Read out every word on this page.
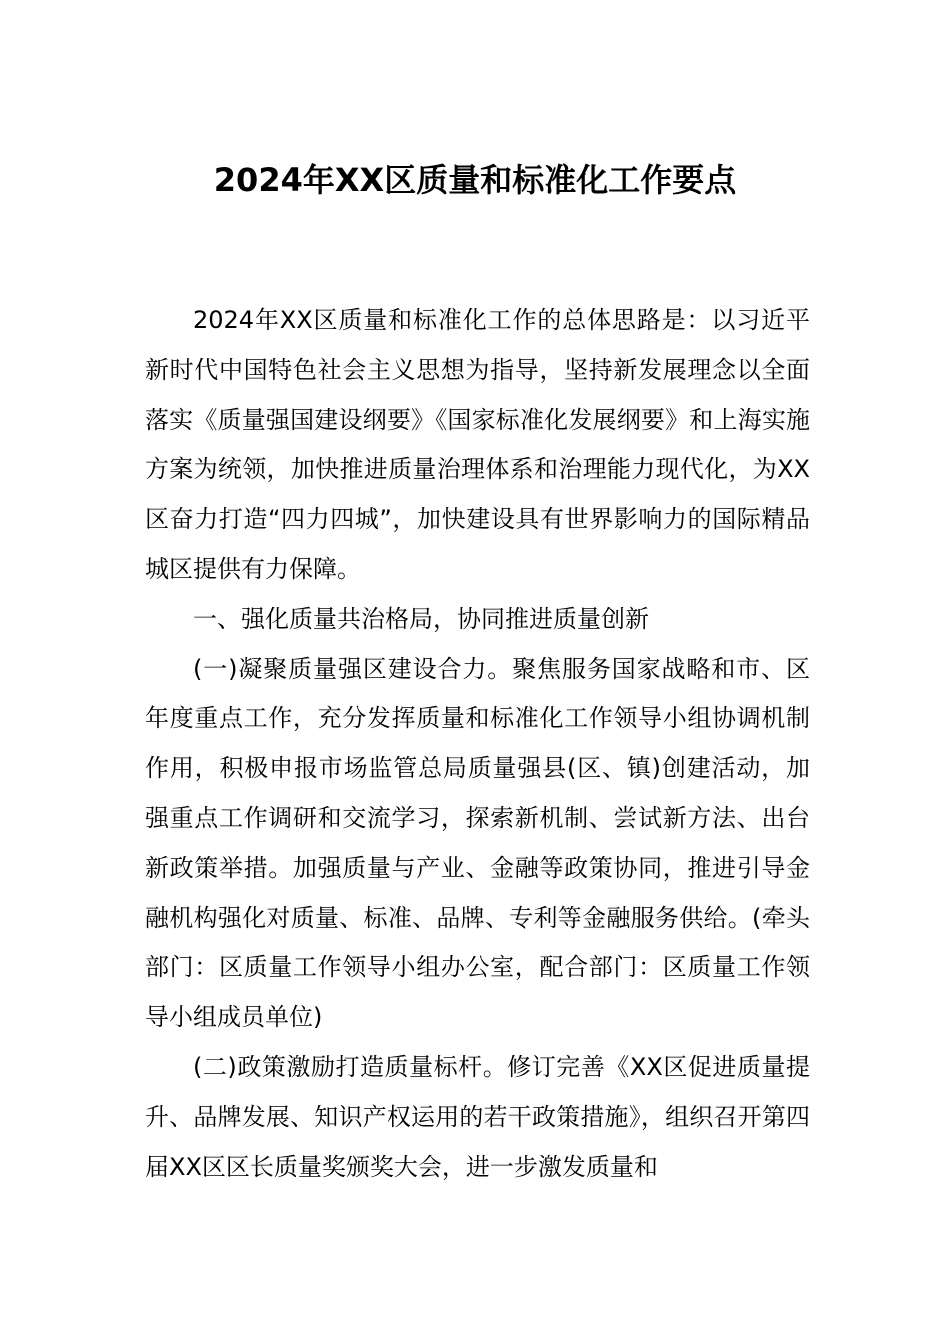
2024年XX区质量和标准化工作要点

2024年XX区质量和标准化工作的总体思路是：以习近平新时代中国特色社会主义思想为指导，坚持新发展理念以全面落实《质量强国建设纲要》《国家标准化发展纲要》和上海实施方案为统领，加快推进质量治理体系和治理能力现代化，为XX区奋力打造“四力四城”，加快建设具有世界影响力的国际精品城区提供有力保障。

一、强化质量共治格局，协同推进质量创新

(一)凝聚质量强区建设合力。聚焦服务国家战略和市、区年度重点工作，充分发挥质量和标准化工作领导小组协调机制作用，积极申报市场监管总局质量强县(区、镇)创建活动，加强重点工作调研和交流学习，探索新机制、尝试新方法、出台新政策举措。加强质量与产业、金融等政策协同，推进引导金融机构强化对质量、标准、品牌、专利等金融服务供给。(牵头部门：区质量工作领导小组办公室，配合部门：区质量工作领导小组成员单位)

(二)政策激励打造质量标杆。修订完善《XX区促进质量提升、品牌发展、知识产权运用的若干政策措施》，组织召开第四届XX区区长质量奖颁奖大会，进一步激发质量和
